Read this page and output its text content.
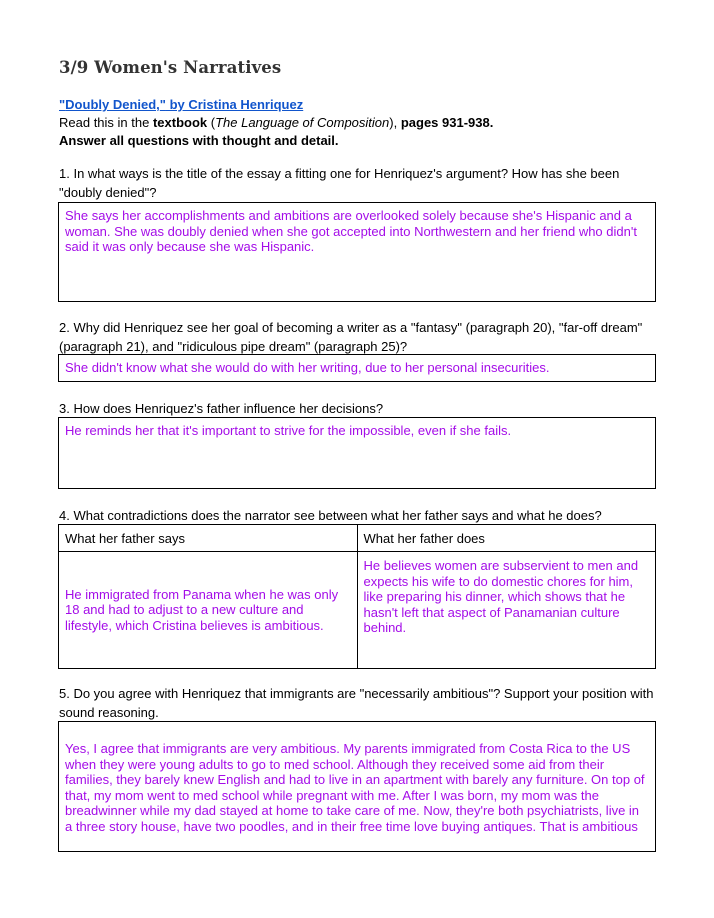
3/9 Women's Narratives
"Doubly Denied," by Cristina Henriquez
Read this in the textbook (The Language of Composition), pages 931-938.
Answer all questions with thought and detail.
1. In what ways is the title of the essay a fitting one for Henriquez's argument? How has she been "doubly denied"?
She says her accomplishments and ambitions are overlooked solely because she's Hispanic and a woman. She was doubly denied when she got accepted into Northwestern and her friend who didn't said it was only because she was Hispanic.
2. Why did Henriquez see her goal of becoming a writer as a "fantasy" (paragraph 20), "far-off dream" (paragraph 21), and "ridiculous pipe dream" (paragraph 25)?
She didn't know what she would do with her writing, due to her personal insecurities.
3. How does Henriquez's father influence her decisions?
He reminds her that it's important to strive for the impossible, even if she fails.
4. What contradictions does the narrator see between what her father says and what he does?
What her father says	What her father does

He immigrated from Panama when he was only 18 and had to adjust to a new culture and lifestyle, which Cristina believes is ambitious.	He believes women are subservient to men and expects his wife to do domestic chores for him, like preparing his dinner, which shows that he hasn't left that aspect of Panamanian culture behind.
5. Do you agree with Henriquez that immigrants are "necessarily ambitious"? Support your position with sound reasoning.
Yes, I agree that immigrants are very ambitious. My parents immigrated from Costa Rica to the US when they were young adults to go to med school. Although they received some aid from their families, they barely knew English and had to live in an apartment with barely any furniture. On top of that, my mom went to med school while pregnant with me. After I was born, my mom was the breadwinner while my dad stayed at home to take care of me. Now, they're both psychiatrists, live in a three story house, have two poodles, and in their free time love buying antiques. That is ambitious
